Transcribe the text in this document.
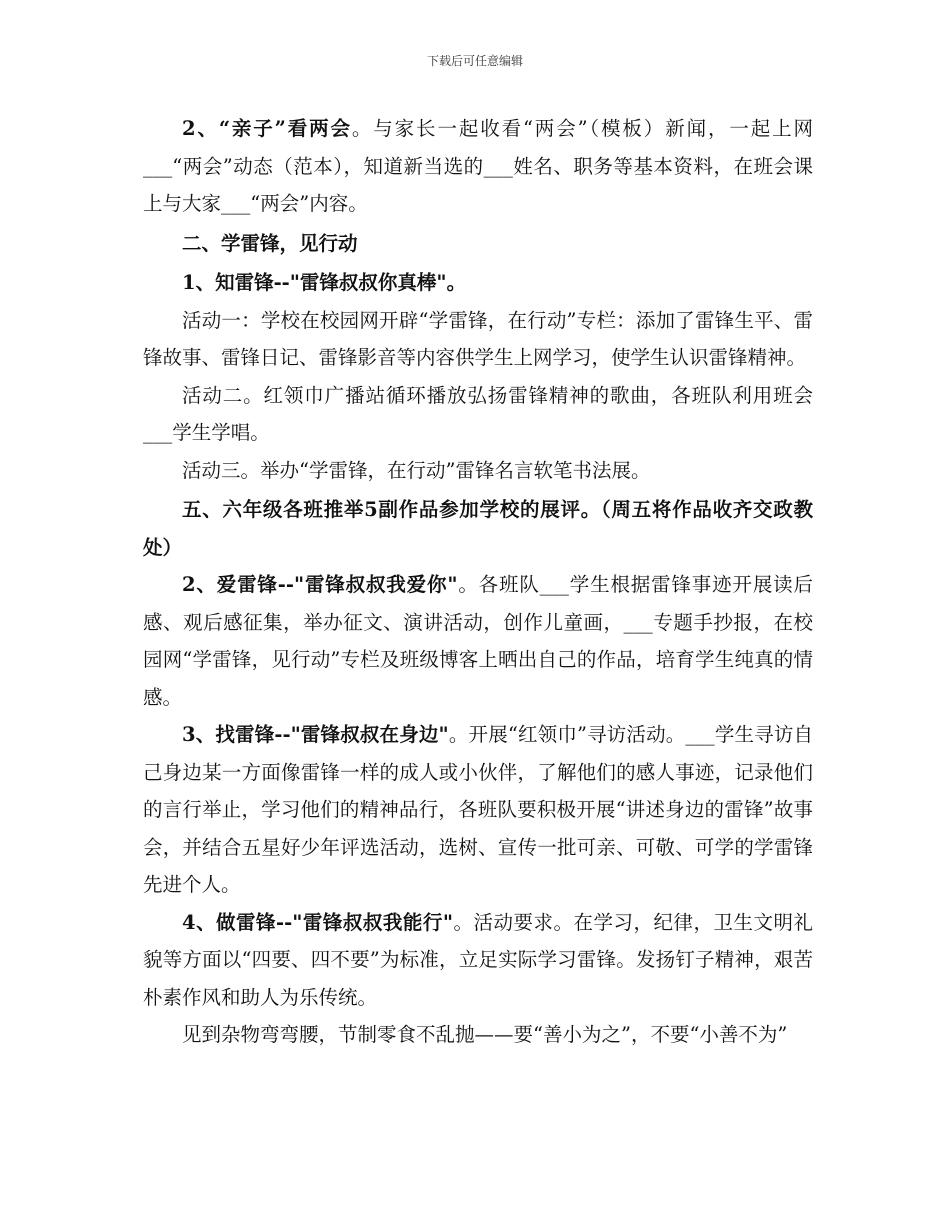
下载后可任意编辑

2、“亲子”看两会。与家长一起收看“两会”（模板）新闻，一起上网___“两会”动态（范本），知道新当选的___姓名、职务等基本资料，在班会课上与大家___“两会”内容。

二、学雷锋，见行动

1、知雷锋--"雷锋叔叔你真棒"。

活动一：学校在校园网开辟“学雷锋，在行动”专栏：添加了雷锋生平、雷锋故事、雷锋日记、雷锋影音等内容供学生上网学习，使学生认识雷锋精神。

活动二。红领巾广播站循环播放弘扬雷锋精神的歌曲，各班队利用班会___学生学唱。

活动三。举办“学雷锋，在行动”雷锋名言软笔书法展。

五、六年级各班推举5副作品参加学校的展评。（周五将作品收齐交政教处）

2、爱雷锋--"雷锋叔叔我爱你"。各班队___学生根据雷锋事迹开展读后感、观后感征集，举办征文、演讲活动，创作儿童画，___专题手抄报，在校园网“学雷锋，见行动”专栏及班级博客上晒出自己的作品，培育学生纯真的情感。

3、找雷锋--"雷锋叔叔在身边"。开展“红领巾”寻访活动。___学生寻访自己身边某一方面像雷锋一样的成人或小伙伴，了解他们的感人事迹，记录他们的言行举止，学习他们的精神品行，各班队要积极开展“讲述身边的雷锋”故事会，并结合五星好少年评选活动，选树、宣传一批可亲、可敬、可学的学雷锋先进个人。

4、做雷锋--"雷锋叔叔我能行"。活动要求。在学习，纪律，卫生文明礼貌等方面以“四要、四不要”为标准，立足实际学习雷锋。发扬钉子精神，艰苦朴素作风和助人为乐传统。

见到杂物弯弯腰，节制零食不乱抛——要“善小为之”，不要“小善不为”
